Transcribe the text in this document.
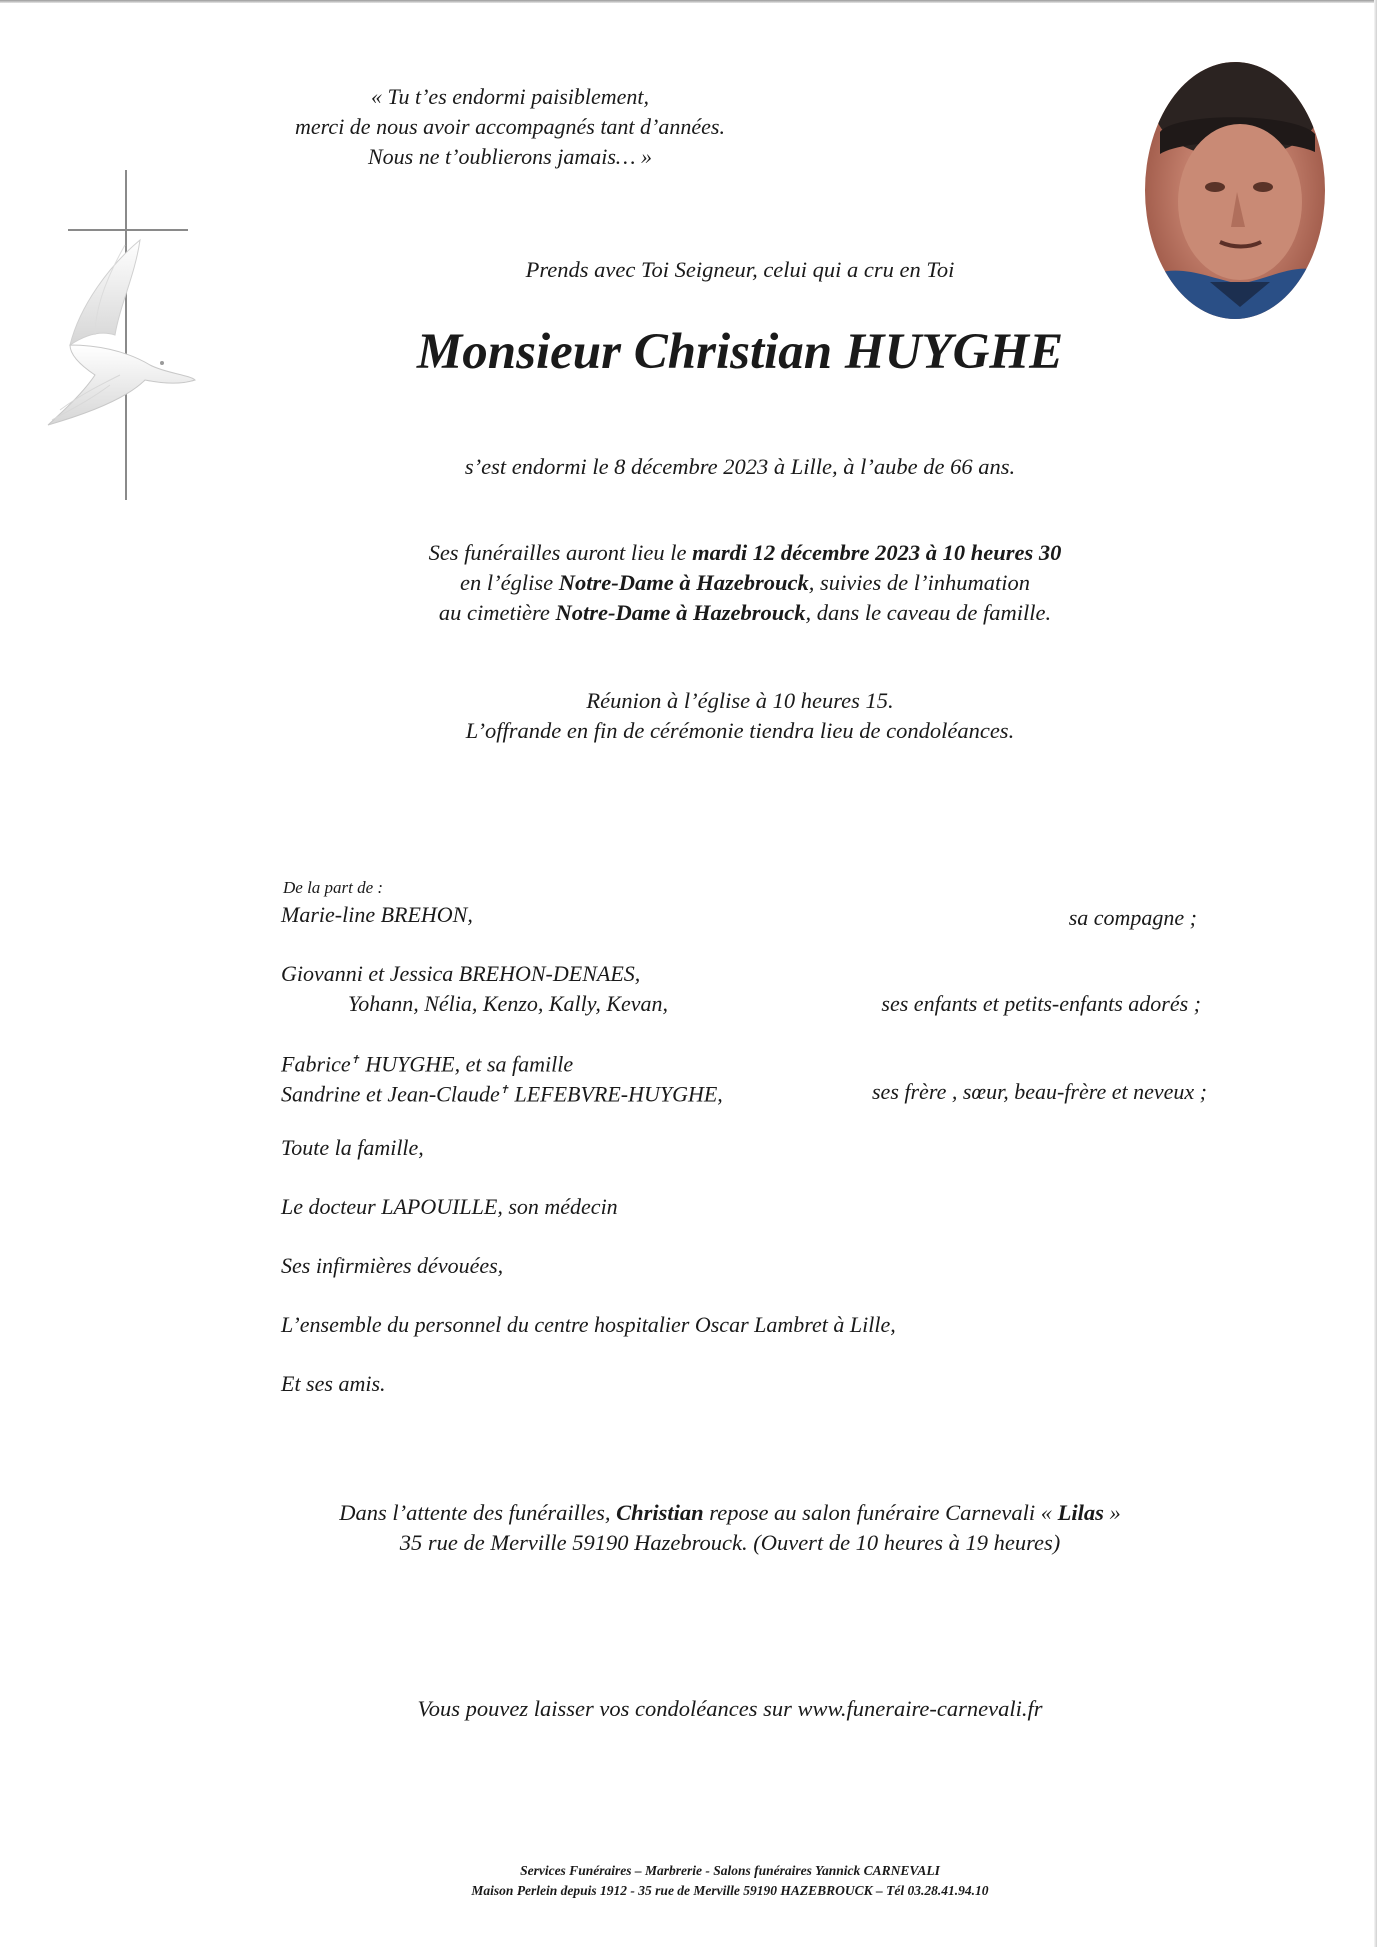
« Tu t’es endormi paisiblement,
merci de nous avoir accompagnés tant d’années.
Nous ne t’oublierons jamais… »
Prends avec Toi Seigneur, celui qui a cru en Toi
Monsieur Christian HUYGHE
s’est endormi le 8 décembre 2023 à Lille, à l’aube de 66 ans.
Ses funérailles auront lieu le mardi 12 décembre 2023 à 10 heures 30
en l’église Notre-Dame à Hazebrouck, suivies de l’inhumation
au cimetière Notre-Dame à Hazebrouck, dans le caveau de famille.
Réunion à l’église à 10 heures 15.
L’offrande en fin de cérémonie tiendra lieu de condoléances.
De la part de :
Marie-line BREHON,	sa compagne ;
Giovanni et Jessica BREHON-DENAES,
Yohann, Nélia, Kenzo, Kally, Kevan,	ses enfants et petits-enfants adorés ;
Fabrice✝ HUYGHE, et sa famille
Sandrine et Jean-Claude✝ LEFEBVRE-HUYGHE,	ses frère , sœur, beau-frère et neveux ;
Toute la famille,
Le docteur LAPOUILLE, son médecin
Ses infirmières dévouées,
L’ensemble du personnel du centre hospitalier Oscar Lambret à Lille,
Et ses amis.
Dans l’attente des funérailles, Christian repose au salon funéraire Carnevali « Lilas »
35 rue de Merville 59190 Hazebrouck. (Ouvert de 10 heures à 19 heures)
Vous pouvez laisser vos condoléances sur www.funeraire-carnevali.fr
Services Funéraires – Marbrerie - Salons funéraires Yannick CARNEVALI
Maison Perlein depuis 1912 - 35 rue de Merville 59190 HAZEBROUCK – Tél 03.28.41.94.10
